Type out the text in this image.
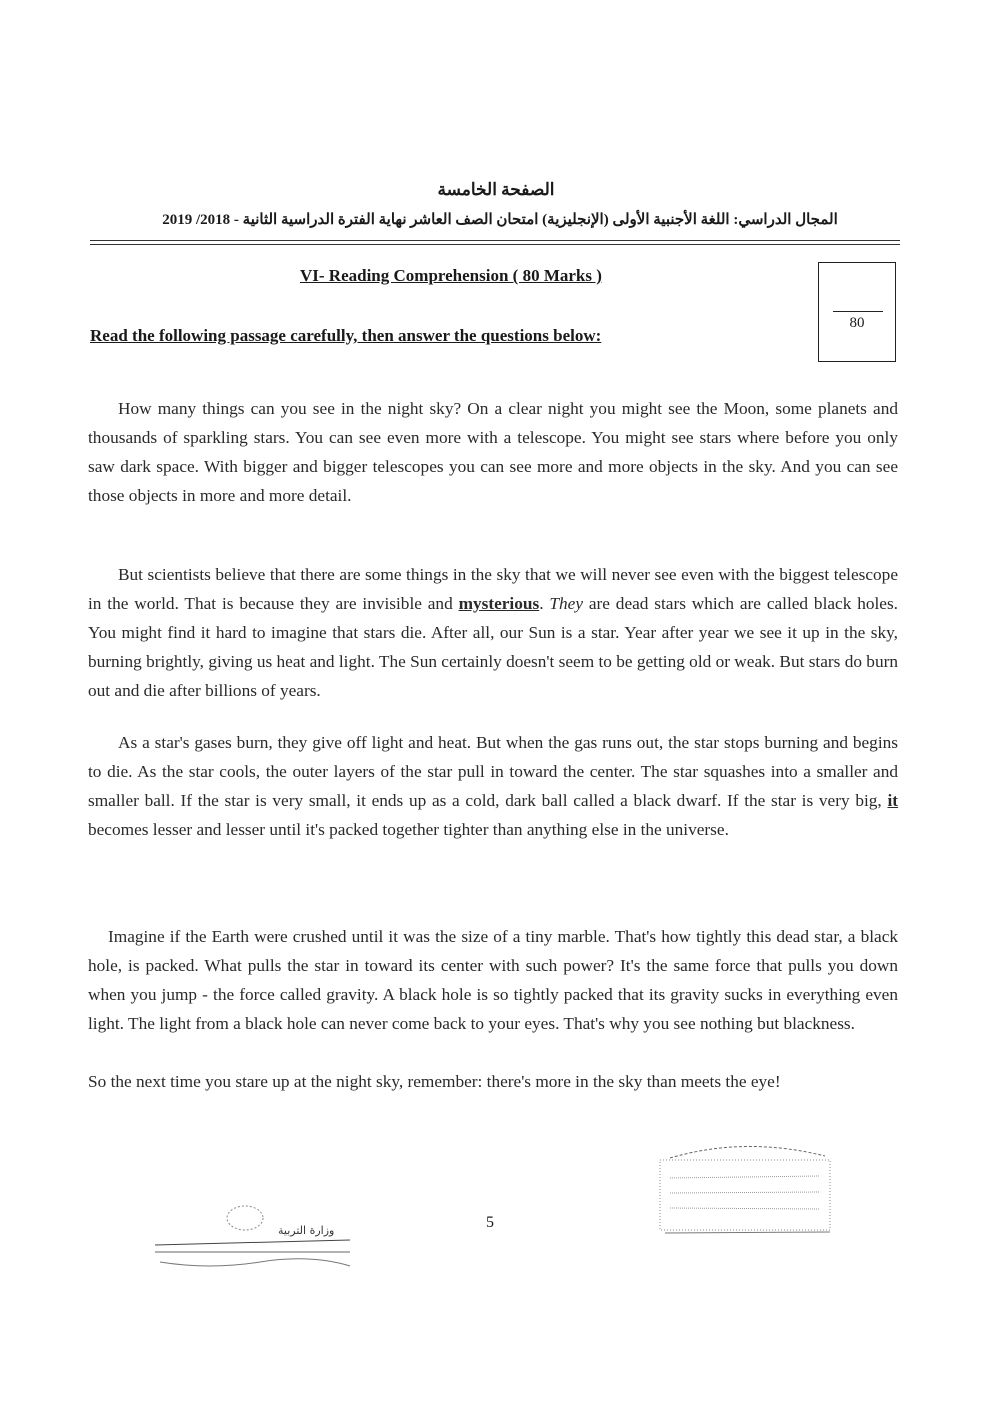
الصفحة الخامسة
المجال الدراسي: اللغة الأجنبية الأولى (الإنجليزية) امتحان الصف العاشر نهاية الفترة الدراسية الثانية - 2018/ 2019
VI- Reading Comprehension ( 80 Marks )
Read the following passage carefully, then answer the questions below:
80
How many things can you see in the night sky? On a clear night you might see the Moon, some planets and thousands of sparkling stars. You can see even more with a telescope. You might see stars where before you only saw dark space. With bigger and bigger telescopes you can see more and more objects in the sky. And you can see those objects in more and more detail.
But scientists believe that there are some things in the sky that we will never see even with the biggest telescope in the world. That is because they are invisible and mysterious. They are dead stars which are called black holes. You might find it hard to imagine that stars die. After all, our Sun is a star. Year after year we see it up in the sky, burning brightly, giving us heat and light. The Sun certainly doesn't seem to be getting old or weak. But stars do burn out and die after billions of years.
As a star's gases burn, they give off light and heat. But when the gas runs out, the star stops burning and begins to die. As the star cools, the outer layers of the star pull in toward the center. The star squashes into a smaller and smaller ball. If the star is very small, it ends up as a cold, dark ball called a black dwarf. If the star is very big, it becomes lesser and lesser until it's packed together tighter than anything else in the universe.
Imagine if the Earth were crushed until it was the size of a tiny marble. That's how tightly this dead star, a black hole, is packed. What pulls the star in toward its center with such power? It's the same force that pulls you down when you jump - the force called gravity. A black hole is so tightly packed that its gravity sucks in everything even light. The light from a black hole can never come back to your eyes. That's why you see nothing but blackness.
So the next time you stare up at the night sky, remember: there's more in the sky than meets the eye!
وزارة التربية	5
